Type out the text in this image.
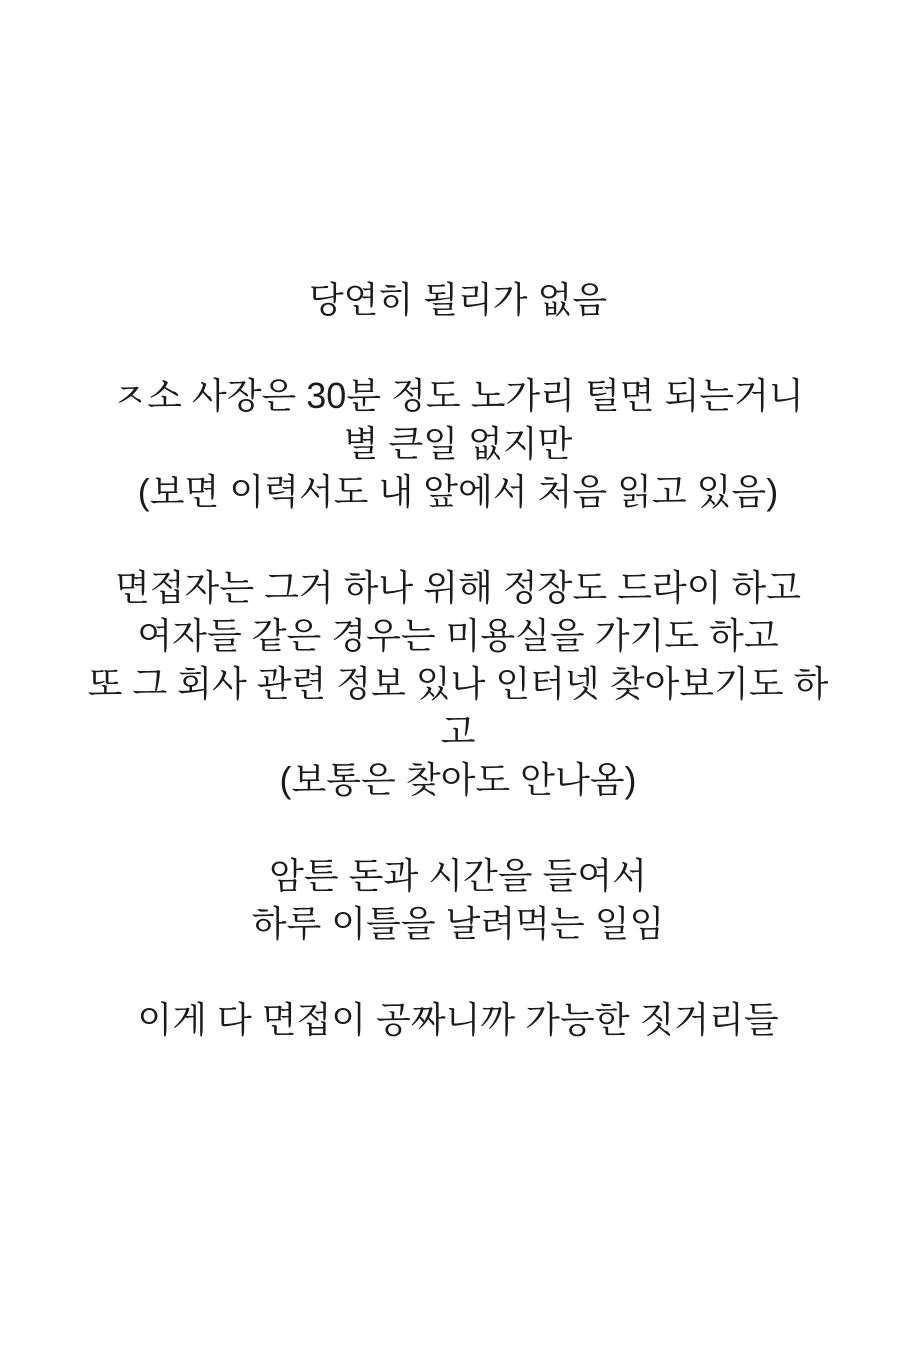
당연히 될리가 없음
ㅈ소 사장은 30분 정도 노가리 털면 되는거니
별 큰일 없지만
(보면 이력서도 내 앞에서 처음 읽고 있음)
면접자는 그거 하나 위해 정장도 드라이 하고
여자들 같은 경우는 미용실을 가기도 하고
또 그 회사 관련 정보 있나 인터넷 찾아보기도 하
고
(보통은 찾아도 안나옴)
암튼 돈과 시간을 들여서
하루 이틀을 날려먹는 일임
이게 다 면접이 공짜니까 가능한 짓거리들
